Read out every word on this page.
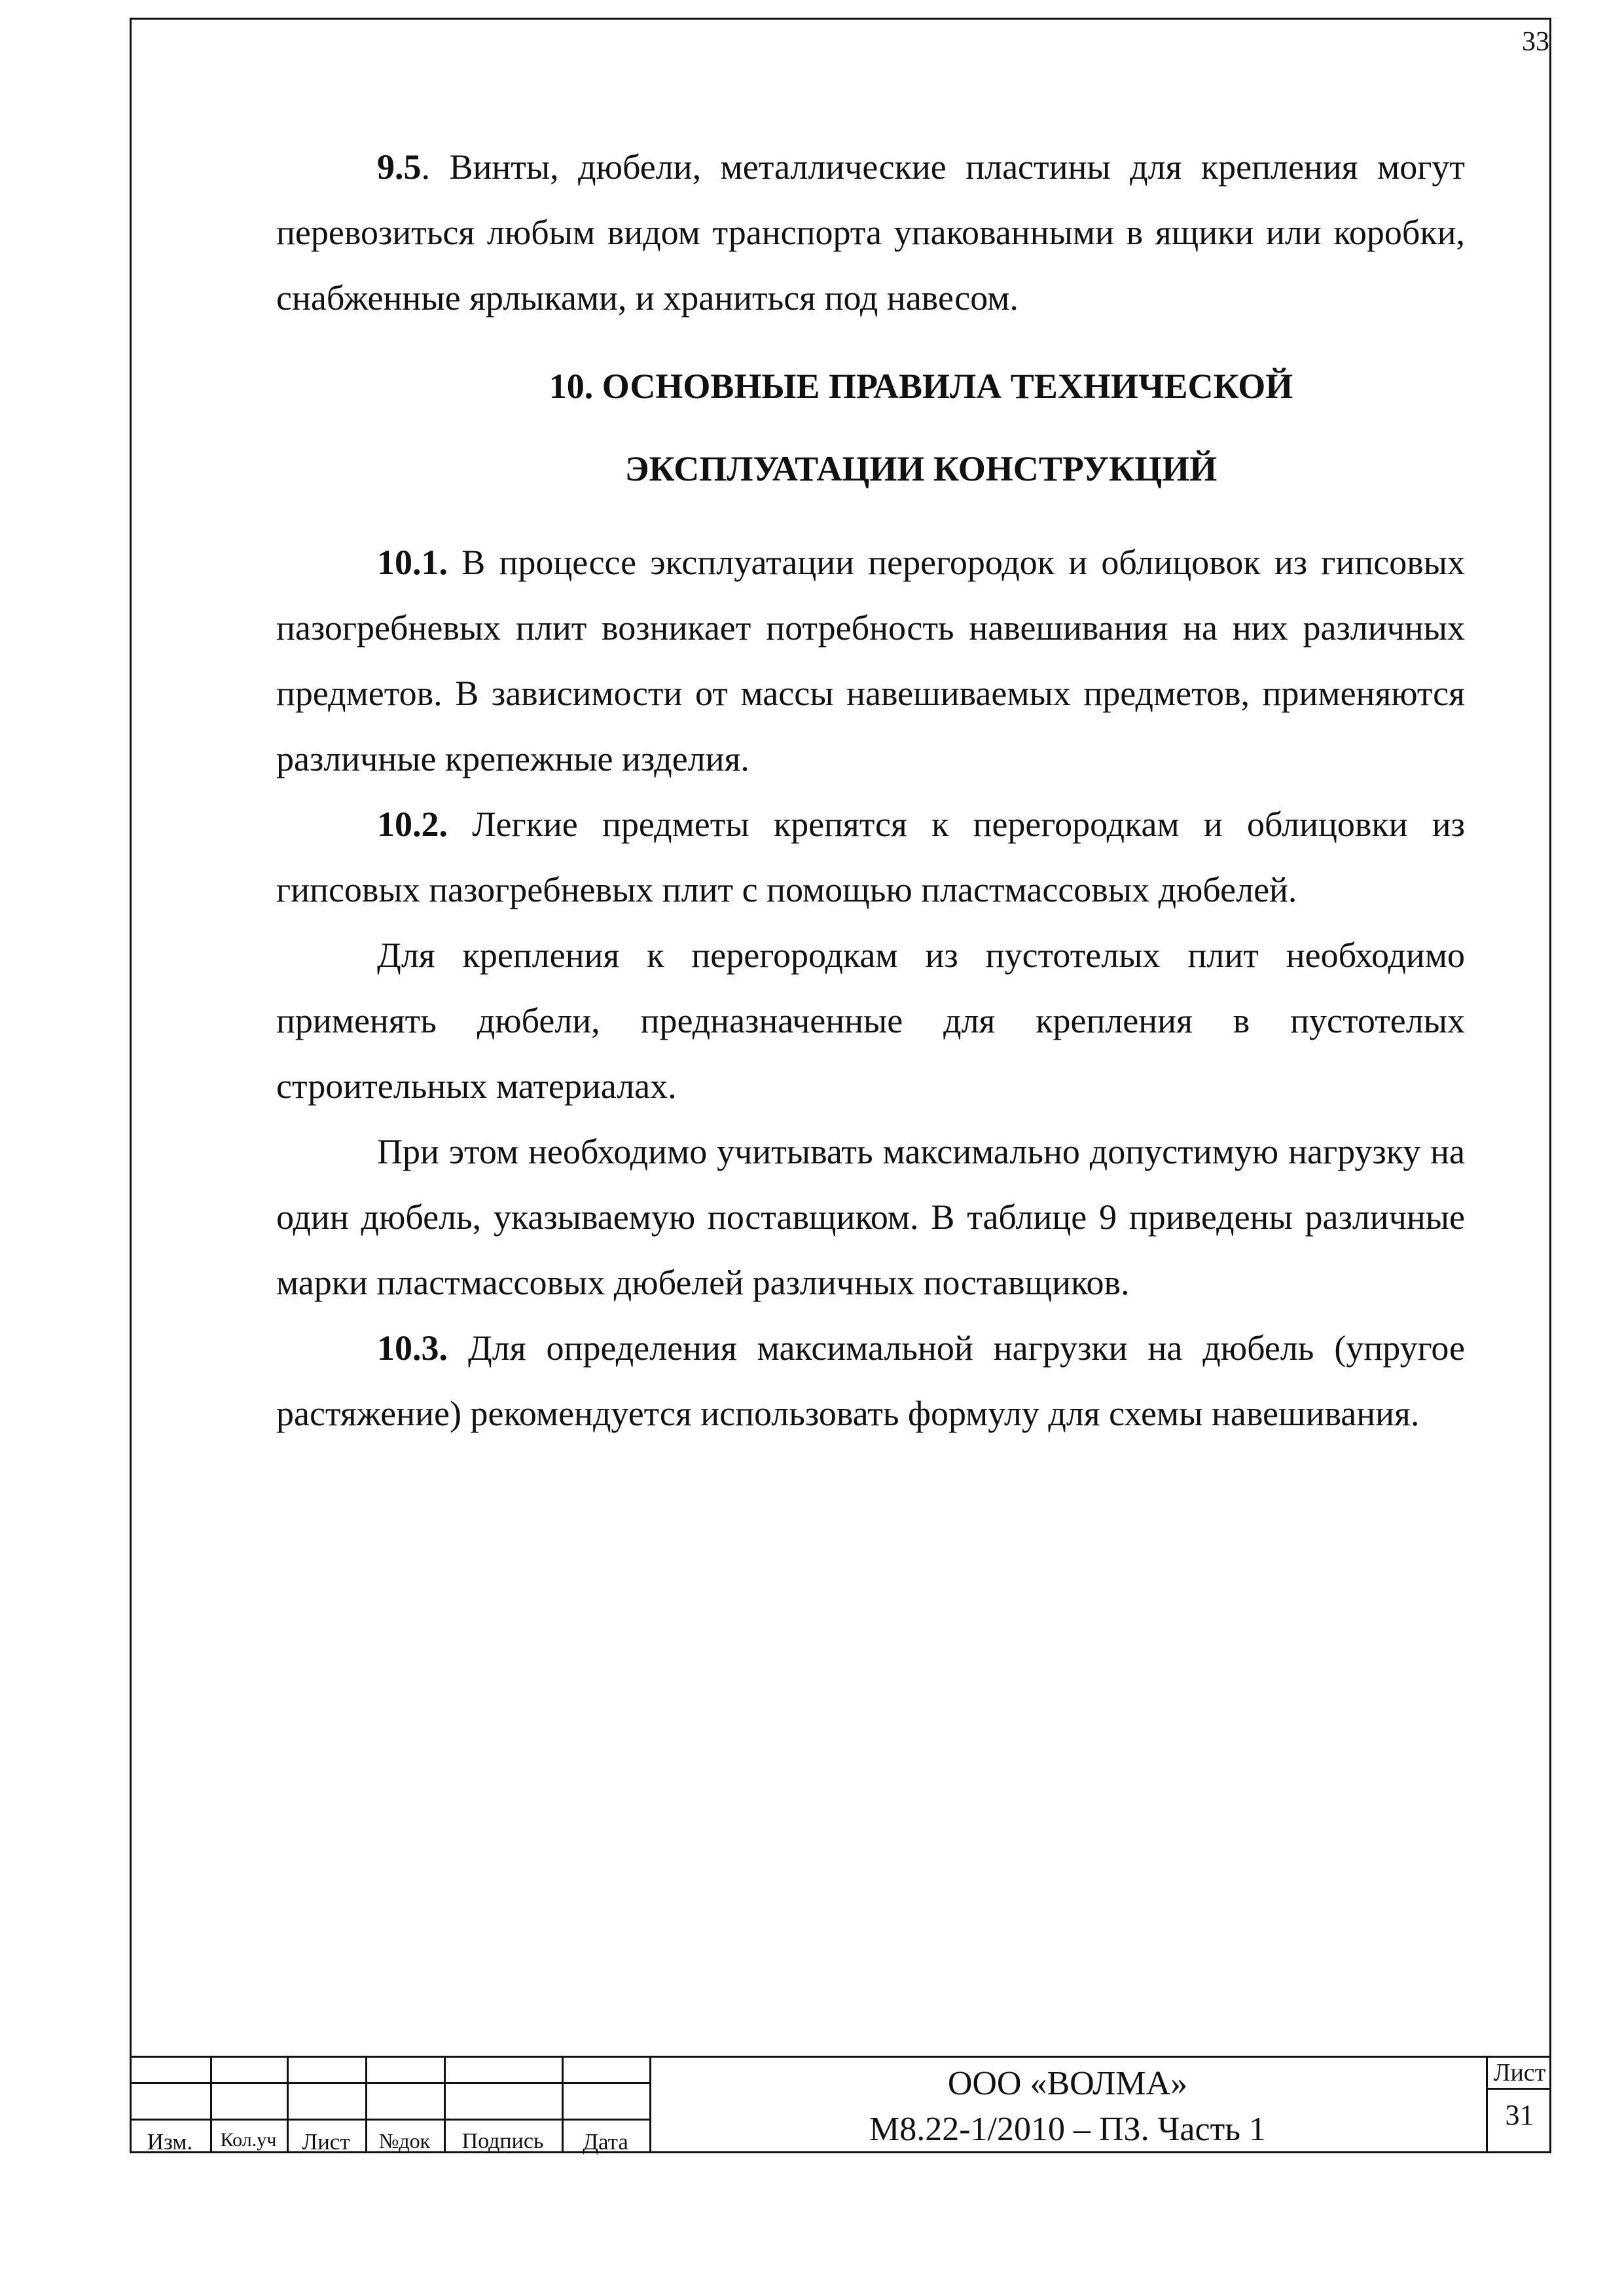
33

9.5. Винты, дюбели, металлические пластины для крепления могут перевозиться любым видом транспорта упакованными в ящики или коробки, снабженные ярлыками, и храниться под навесом.

10. ОСНОВНЫЕ ПРАВИЛА ТЕХНИЧЕСКОЙ
ЭКСПЛУАТАЦИИ КОНСТРУКЦИЙ

10.1. В процессе эксплуатации перегородок и облицовок из гипсовых пазогребневых плит возникает потребность навешивания на них различных предметов. В зависимости от массы навешиваемых предметов, применяются различные крепежные изделия.

10.2. Легкие предметы крепятся к перегородкам и облицовки из гипсовых пазогребневых плит с помощью пластмассовых дюбелей.

Для крепления к перегородкам из пустотелых плит необходимо применять дюбели, предназначенные для крепления в пустотелых строительных материалах.

При этом необходимо учитывать максимально допустимую нагрузку на один дюбель, указываемую поставщиком. В таблице 9 приведены различные марки пластмассовых дюбелей различных поставщиков.

10.3. Для определения максимальной нагрузки на дюбель (упругое растяжение) рекомендуется использовать формулу для схемы навешивания.

Изм.	Кол.уч	Лист	№док	Подпись	Дата
ООО «ВОЛМА»
М8.22-1/2010 – ПЗ. Часть 1
Лист
31
